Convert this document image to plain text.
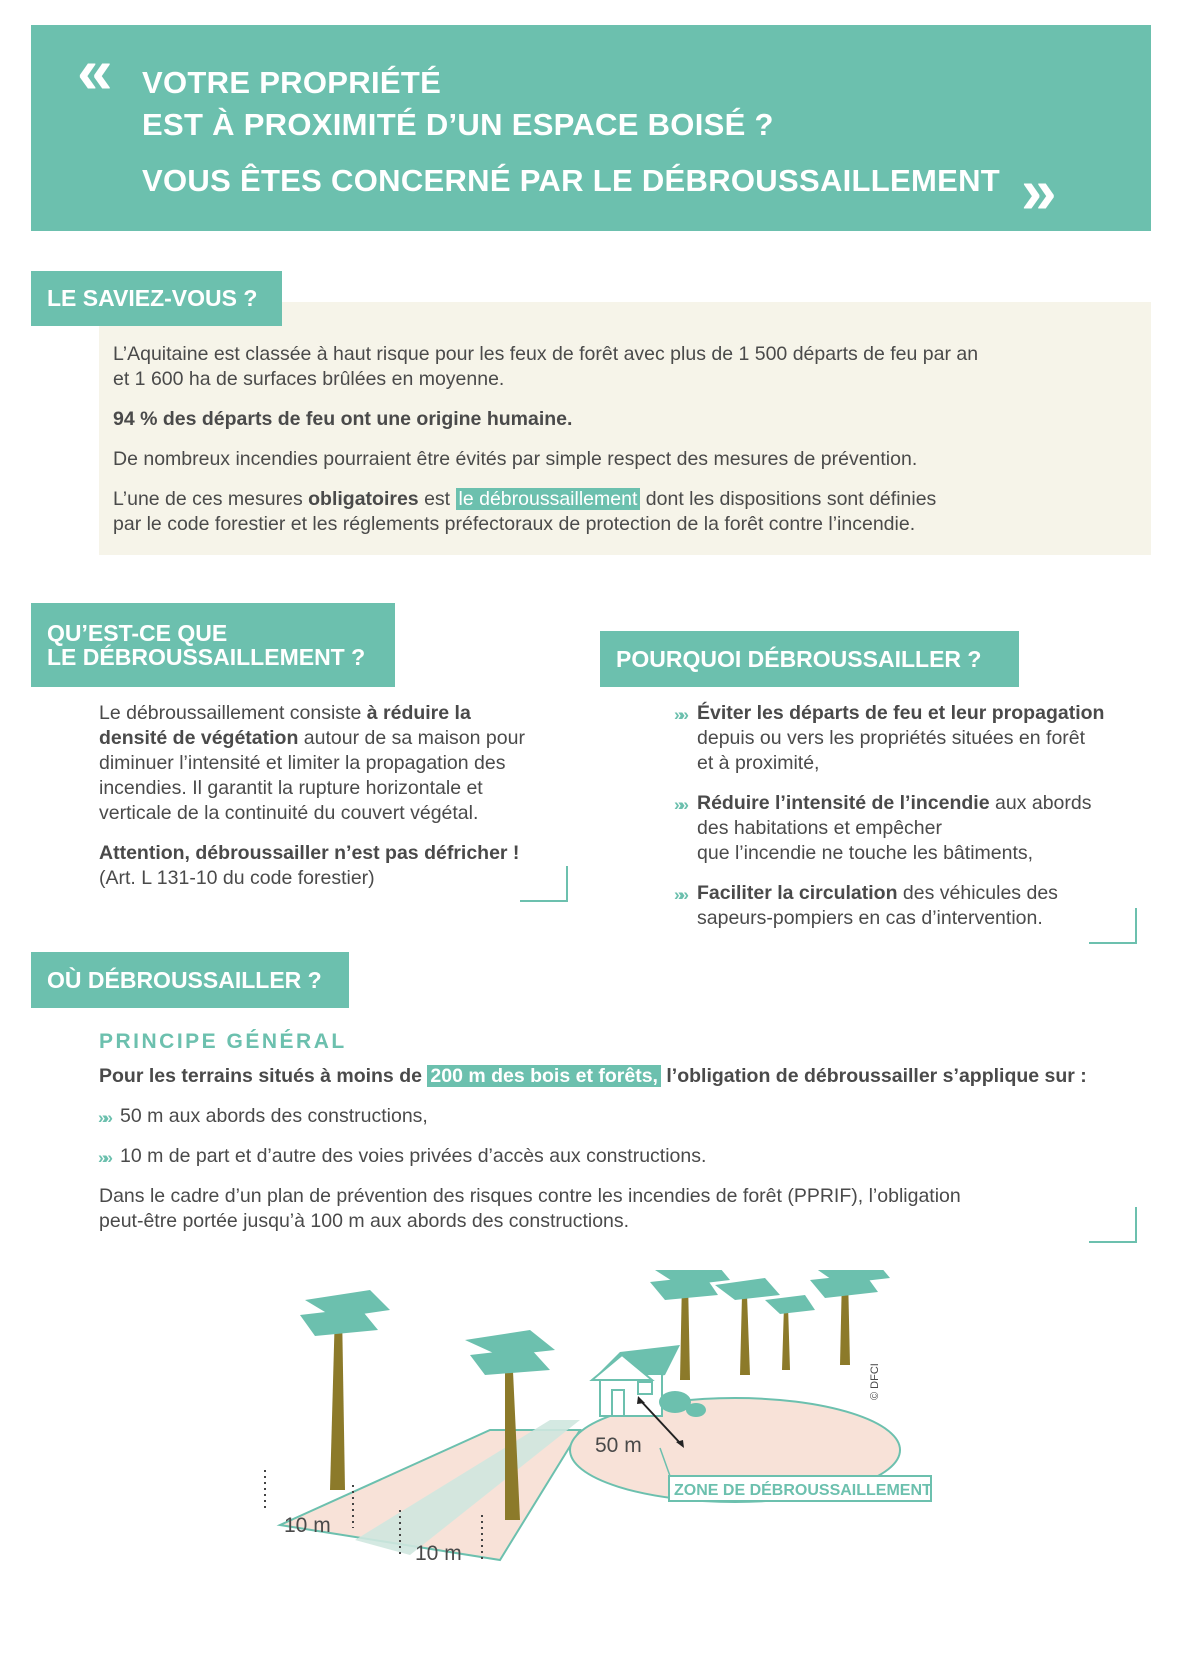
« VOTRE PROPRIÉTÉ
EST À PROXIMITÉ D’UN ESPACE BOISÉ ?
VOUS ÊTES CONCERNÉ PAR LE DÉBROUSSAILLEMENT »
LE SAVIEZ-VOUS ?
L’Aquitaine est classée à haut risque pour les feux de forêt avec plus de 1 500 départs de feu par an
et 1 600 ha de surfaces brûlées en moyenne.
94 % des départs de feu ont une origine humaine.
De nombreux incendies pourraient être évités par simple respect des mesures de prévention.
L’une de ces mesures obligatoires est le débroussaillement dont les dispositions sont définies
par le code forestier et les réglements préfectoraux de protection de la forêt contre l’incendie.
QU’EST-CE QUE
LE DÉBROUSSAILLEMENT ?
Le débroussaillement consiste à réduire la
densité de végétation autour de sa maison pour
diminuer l’intensité et limiter la propagation des
incendies. Il garantit la rupture horizontale et
verticale de la continuité du couvert végétal.
Attention, débroussailler n’est pas défricher !
(Art. L 131-10 du code forestier)
POURQUOI DÉBROUSSAILLER ?
»» Éviter les départs de feu et leur propagation
depuis ou vers les propriétés situées en forêt
et à proximité,
»» Réduire l’intensité de l’incendie aux abords
des habitations et empêcher
que l’incendie ne touche les bâtiments,
»» Faciliter la circulation des véhicules des
sapeurs-pompiers en cas d’intervention.
OÙ DÉBROUSSAILLER ?
PRINCIPE GÉNÉRAL
Pour les terrains situés à moins de 200 m des bois et forêts, l’obligation de débroussailler s’applique sur :
»» 50 m aux abords des constructions,
»» 10 m de part et d’autre des voies privées d’accès aux constructions.
Dans le cadre d’un plan de prévention des risques contre les incendies de forêt (PPRIF), l’obligation
peut-être portée jusqu’à 100 m aux abords des constructions.
50 m
ZONE DE DÉBROUSSAILLEMENT
10 m
10 m
© DFCI
